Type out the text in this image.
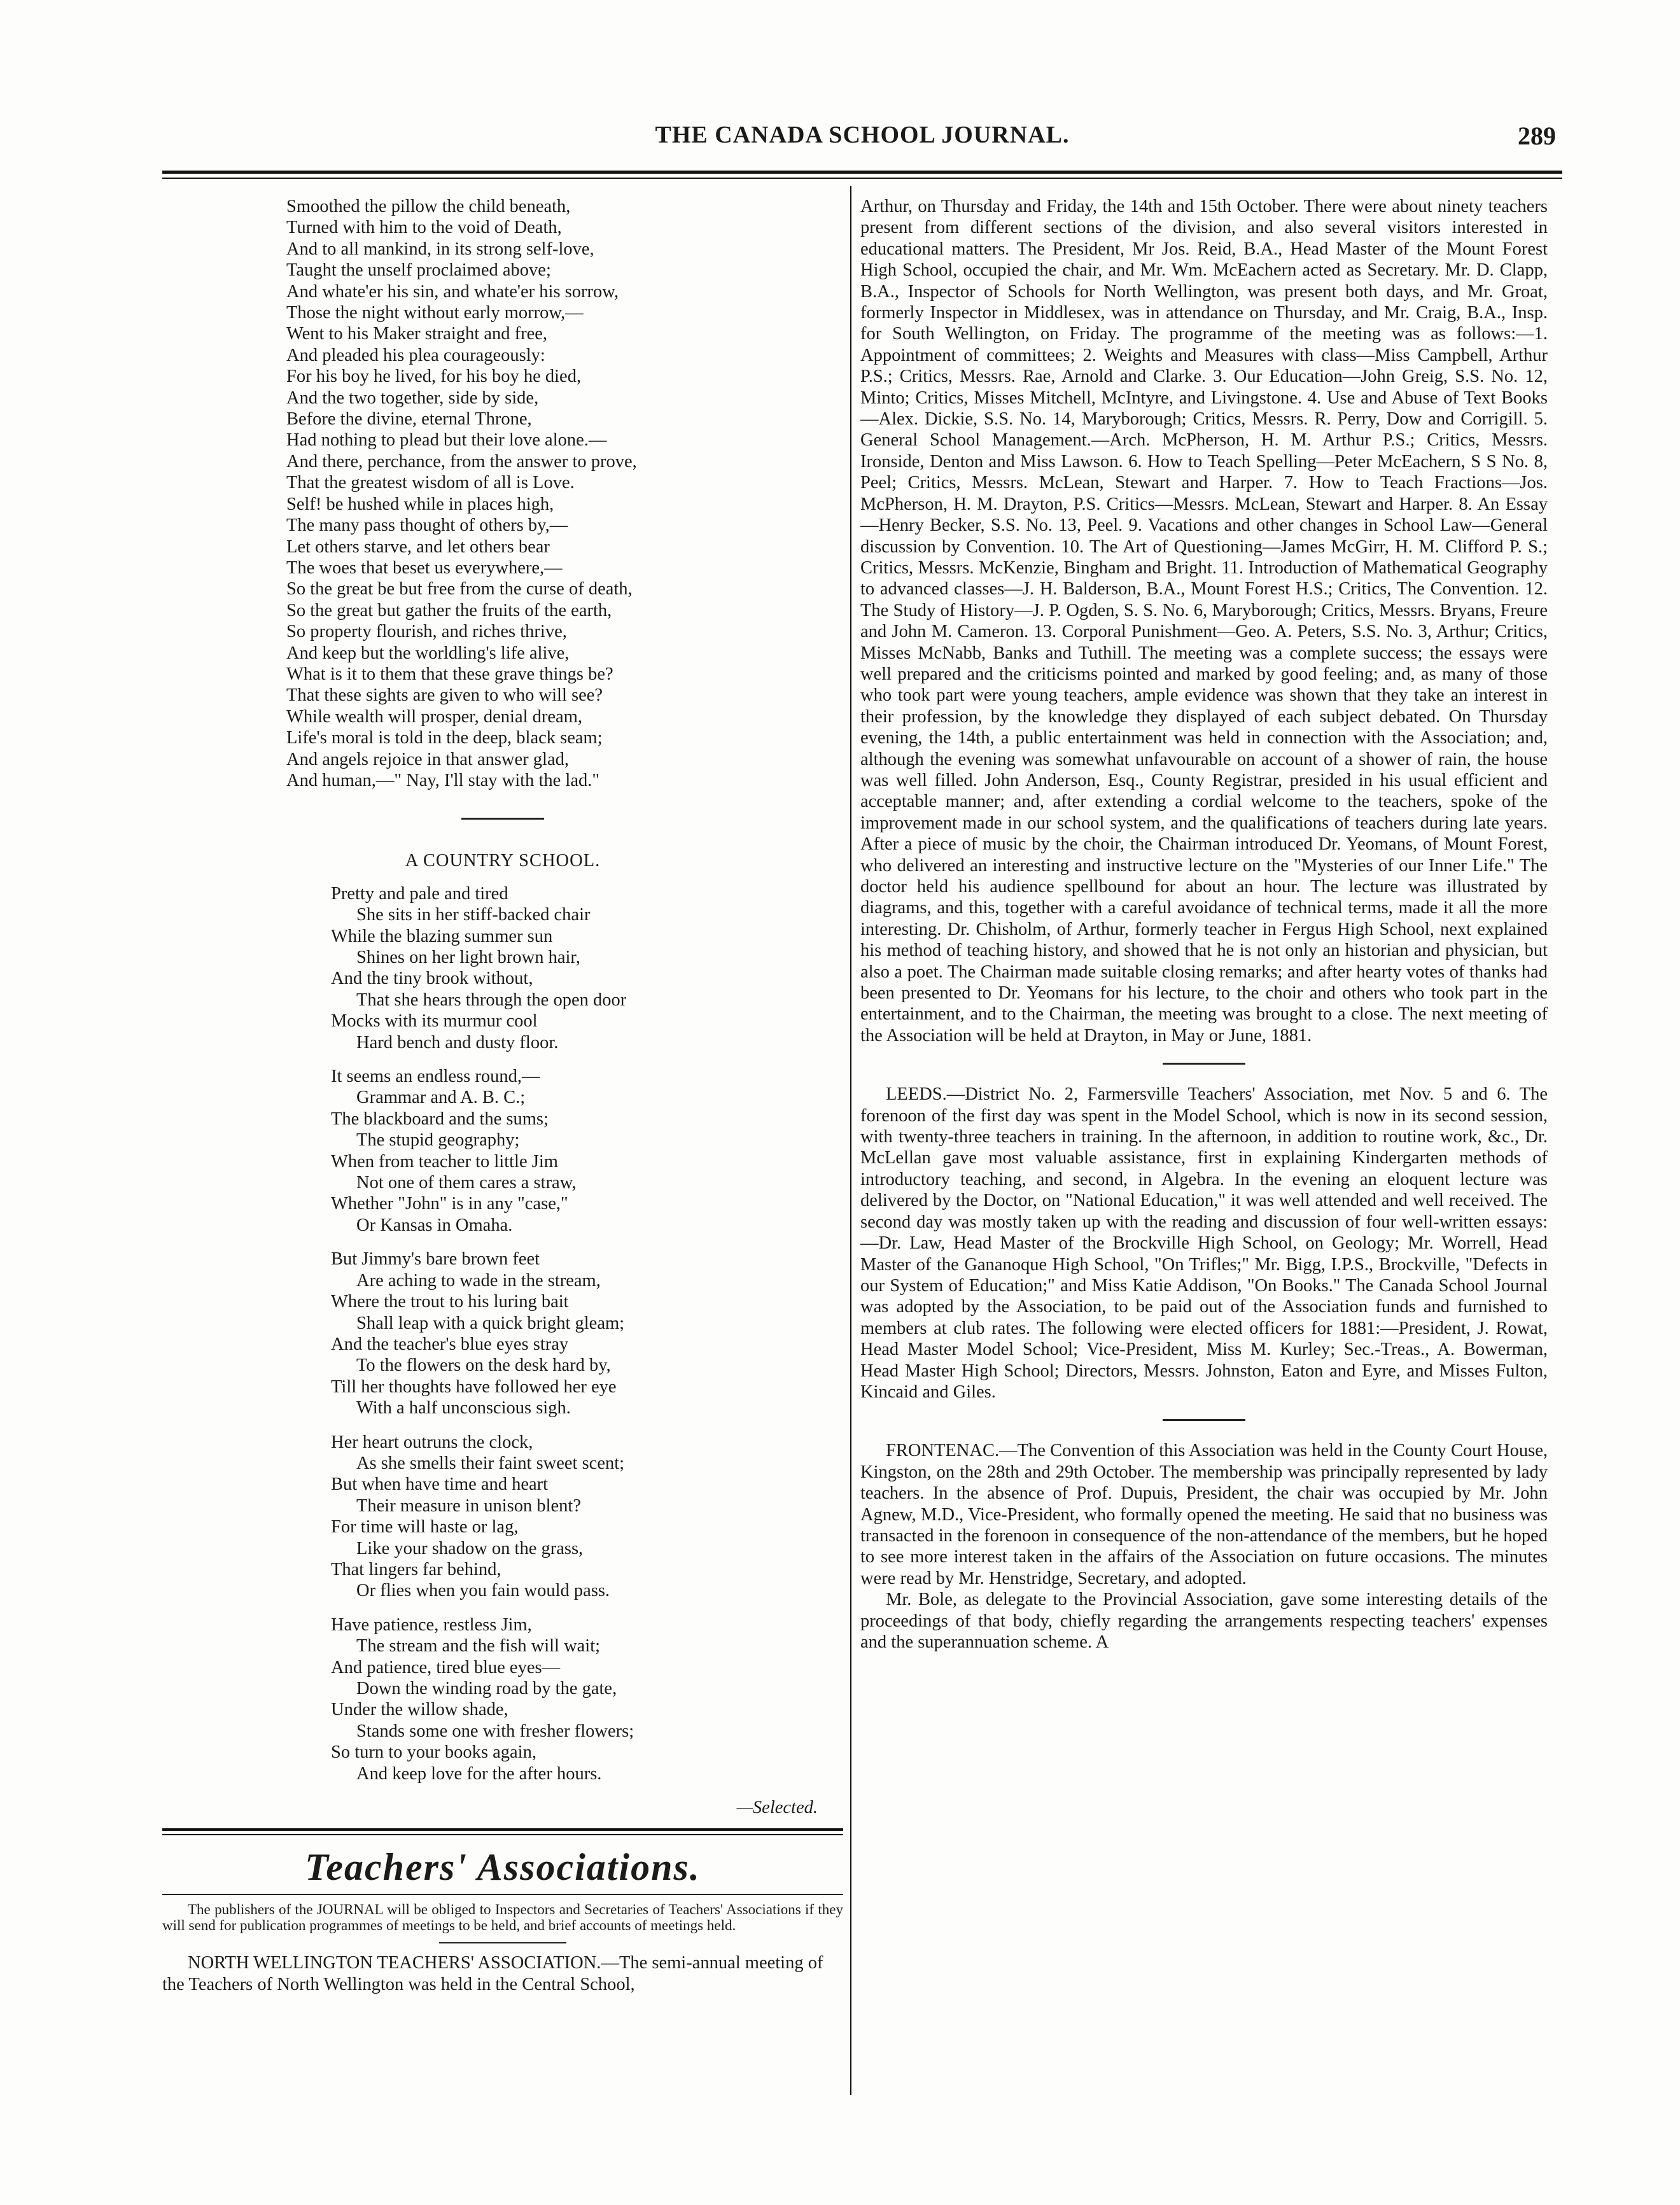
THE CANADA SCHOOL JOURNAL.	289
Smoothed the pillow the child beneath,
Turned with him to the void of Death,
And to all mankind, in its strong self-love,
Taught the unself proclaimed above;
And whate'er his sin, and whate'er his sorrow,
Those the night without early morrow,—
Went to his Maker straight and free,
And pleaded his plea courageously:
For his boy he lived, for his boy he died,
And the two together, side by side,
Before the divine, eternal Throne,
Had nothing to plead but their love alone.—
And there, perchance, from the answer to prove,
That the greatest wisdom of all is Love.
Self! be hushed while in places high,
The many pass thought of others by,—
Let others starve, and let others bear
The woes that beset us everywhere,—
So the great be but free from the curse of death,
So the great but gather the fruits of the earth,
So property flourish, and riches thrive,
And keep but the worldling's life alive,
What is it to them that these grave things be?
That these sights are given to who will see?
While wealth will prosper, denial dream,
Life's moral is told in the deep, black seam;
And angels rejoice in that answer glad,
And human,—" Nay, I'll stay with the lad."
A COUNTRY SCHOOL.
Pretty and pale and tired
She sits in her stiff-backed chair
While the blazing summer sun
Shines on her light brown hair,
And the tiny brook without,
That she hears through the open door
Mocks with its murmur cool
Hard bench and dusty floor.
It seems an endless round,—
Grammar and A. B. C.;
The blackboard and the sums;
The stupid geography;
When from teacher to little Jim
Not one of them cares a straw,
Whether "John" is in any "case,"
Or Kansas in Omaha.
But Jimmy's bare brown feet
Are aching to wade in the stream,
Where the trout to his luring bait
Shall leap with a quick bright gleam;
And the teacher's blue eyes stray
To the flowers on the desk hard by,
Till her thoughts have followed her eye
With a half unconscious sigh.
Her heart outruns the clock,
As she smells their faint sweet scent;
But when have time and heart
Their measure in unison blent?
For time will haste or lag,
Like your shadow on the grass,
That lingers far behind,
Or flies when you fain would pass.
Have patience, restless Jim,
The stream and the fish will wait;
And patience, tired blue eyes—
Down the winding road by the gate,
Under the willow shade,
Stands some one with fresher flowers;
So turn to your books again,
And keep love for the after hours.
—Selected.
Teachers' Associations.

The publishers of the JOURNAL will be obliged to Inspectors and Secretaries of Teachers' Associations if they will send for publication programmes of meetings to be held, and brief accounts of meetings held.

NORTH WELLINGTON TEACHERS' ASSOCIATION.—The semi-annual meeting of the Teachers of North Wellington was held in the Central School,

Arthur, on Thursday and Friday, the 14th and 15th October. There were about ninety teachers present from different sections of the division, and also several visitors interested in educational matters. The President, Mr Jos. Reid, B.A., Head Master of the Mount Forest High School, occupied the chair, and Mr. Wm. McEachern acted as Secretary. Mr. D. Clapp, B.A., Inspector of Schools for North Wellington, was present both days, and Mr. Groat, formerly Inspector in Middlesex, was in attendance on Thursday, and Mr. Craig, B.A., Insp. for South Wellington, on Friday. The programme of the meeting was as follows:—1. Appointment of committees; 2. Weights and Measures with class—Miss Campbell, Arthur P.S.; Critics, Messrs. Rae, Arnold and Clarke. 3. Our Education—John Greig, S.S. No. 12, Minto; Critics, Misses Mitchell, McIntyre, and Livingstone. 4. Use and Abuse of Text Books—Alex. Dickie, S.S. No. 14, Maryborough; Critics, Messrs. R. Perry, Dow and Corrigill. 5. General School Management.—Arch. McPherson, H. M. Arthur P.S.; Critics, Messrs. Ironside, Denton and Miss Lawson. 6. How to Teach Spelling—Peter McEachern, S S No. 8, Peel; Critics, Messrs. McLean, Stewart and Harper. 7. How to Teach Fractions—Jos. McPherson, H. M. Drayton, P.S. Critics—Messrs. McLean, Stewart and Harper. 8. An Essay—Henry Becker, S.S. No. 13, Peel. 9. Vacations and other changes in School Law—General discussion by Convention. 10. The Art of Questioning—James McGirr, H. M. Clifford P. S.; Critics, Messrs. McKenzie, Bingham and Bright. 11. Introduction of Mathematical Geography to advanced classes—J. H. Balderson, B.A., Mount Forest H.S.; Critics, The Convention. 12. The Study of History—J. P. Ogden, S. S. No. 6, Maryborough; Critics, Messrs. Bryans, Freure and John M. Cameron. 13. Corporal Punishment—Geo. A. Peters, S.S. No. 3, Arthur; Critics, Misses McNabb, Banks and Tuthill. The meeting was a complete success; the essays were well prepared and the criticisms pointed and marked by good feeling; and, as many of those who took part were young teachers, ample evidence was shown that they take an interest in their profession, by the knowledge they displayed of each subject debated. On Thursday evening, the 14th, a public entertainment was held in connection with the Association; and, although the evening was somewhat unfavourable on account of a shower of rain, the house was well filled. John Anderson, Esq., County Registrar, presided in his usual efficient and acceptable manner; and, after extending a cordial welcome to the teachers, spoke of the improvement made in our school system, and the qualifications of teachers during late years. After a piece of music by the choir, the Chairman introduced Dr. Yeomans, of Mount Forest, who delivered an interesting and instructive lecture on the "Mysteries of our Inner Life." The doctor held his audience spellbound for about an hour. The lecture was illustrated by diagrams, and this, together with a careful avoidance of technical terms, made it all the more interesting. Dr. Chisholm, of Arthur, formerly teacher in Fergus High School, next explained his method of teaching history, and showed that he is not only an historian and physician, but also a poet. The Chairman made suitable closing remarks; and after hearty votes of thanks had been presented to Dr. Yeomans for his lecture, to the choir and others who took part in the entertainment, and to the Chairman, the meeting was brought to a close. The next meeting of the Association will be held at Drayton, in May or June, 1881.

LEEDS.—District No. 2, Farmersville Teachers' Association, met Nov. 5 and 6. The forenoon of the first day was spent in the Model School, which is now in its second session, with twenty-three teachers in training. In the afternoon, in addition to routine work, &c., Dr. McLellan gave most valuable assistance, first in explaining Kindergarten methods of introductory teaching, and second, in Algebra. In the evening an eloquent lecture was delivered by the Doctor, on "National Education," it was well attended and well received. The second day was mostly taken up with the reading and discussion of four well-written essays:—Dr. Law, Head Master of the Brockville High School, on Geology; Mr. Worrell, Head Master of the Gananoque High School, "On Trifles;" Mr. Bigg, I.P.S., Brockville, "Defects in our System of Education;" and Miss Katie Addison, "On Books." The Canada School Journal was adopted by the Association, to be paid out of the Association funds and furnished to members at club rates. The following were elected officers for 1881:—President, J. Rowat, Head Master Model School; Vice-President, Miss M. Kurley; Sec.-Treas., A. Bowerman, Head Master High School; Directors, Messrs. Johnston, Eaton and Eyre, and Misses Fulton, Kincaid and Giles.

FRONTENAC.—The Convention of this Association was held in the County Court House, Kingston, on the 28th and 29th October. The membership was principally represented by lady teachers. In the absence of Prof. Dupuis, President, the chair was occupied by Mr. John Agnew, M.D., Vice-President, who formally opened the meeting. He said that no business was transacted in the forenoon in consequence of the non-attendance of the members, but he hoped to see more interest taken in the affairs of the Association on future occasions. The minutes were read by Mr. Henstridge, Secretary, and adopted.

Mr. Bole, as delegate to the Provincial Association, gave some interesting details of the proceedings of that body, chiefly regarding the arrangements respecting teachers' expenses and the superannuation scheme. A
